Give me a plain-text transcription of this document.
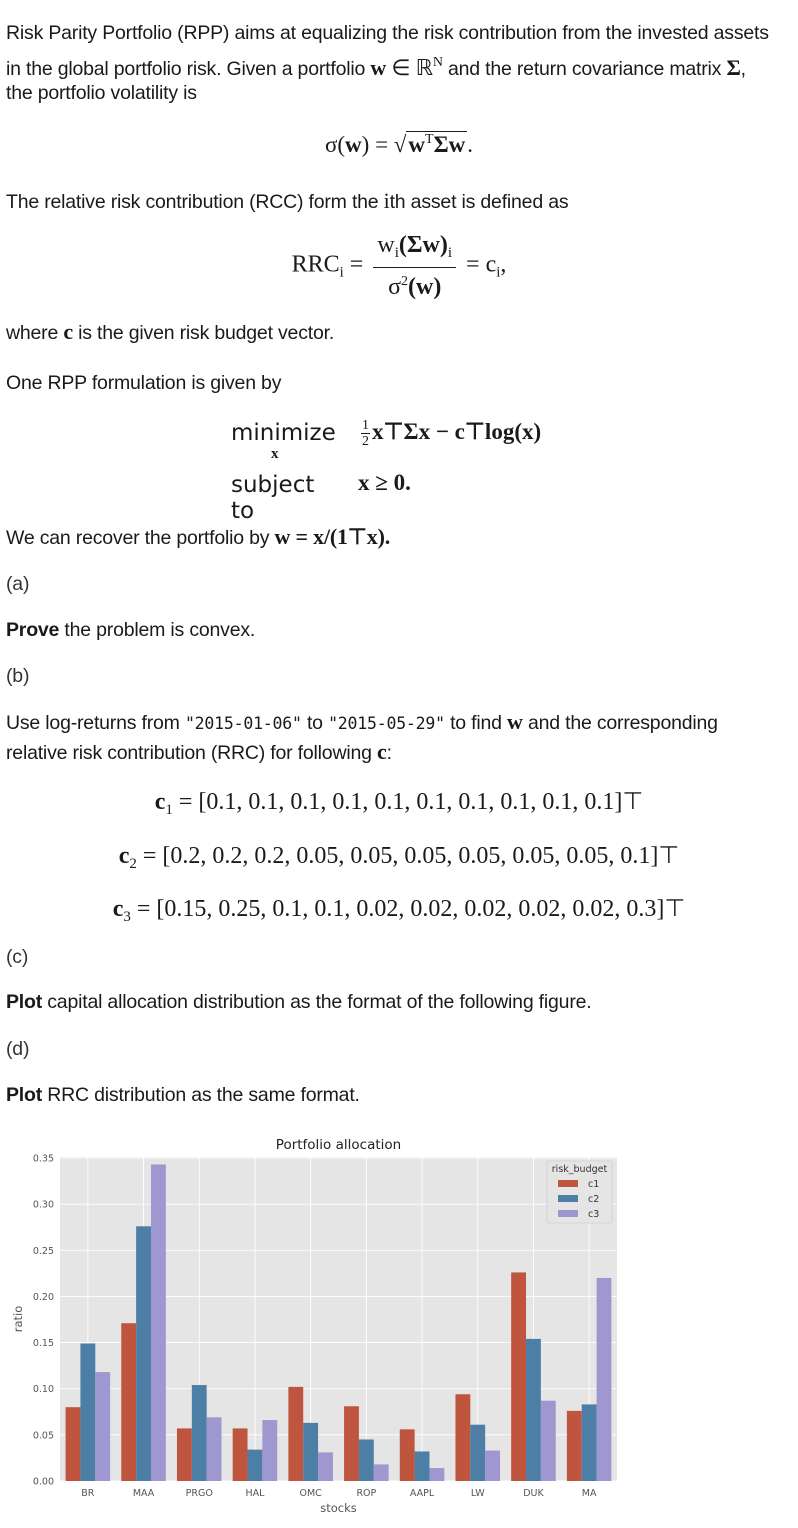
Risk Parity Portfolio (RPP) aims at equalizing the risk contribution from the invested assets
in the global portfolio risk. Given a portfolio w ∈ ℝ$^N$ and the return covariance matrix Σ,
the portfolio volatility is
$\sigma(w) = √w^T\Sigma w$.
The relative risk contribution (RCC) form the ith asset is defined as
$RRC_i = \frac{w_i(\Sigma w)_i}{\sigma^2(w)} = c_i$,
where c is the given risk budget vector.
One RPP formulation is given by
minimize
x
$\frac{1}{2}$ x⊤Σx − c⊤log(x)
subject to
x ≥ 0.
We can recover the portfolio by w = x/(1⊤x).
(a)
Prove the problem is convex.
(b)
Use log-returns from "2015-01-06" to "2015-05-29" to find w and the corresponding
relative risk contribution (RRC) for following c:
$c_1 = [0.1$, 0.1, 0.1, 0.1, 0.1, 0.1, 0.1, 0.1, 0.1, 0.1]⊤
$c_2 = [0.2$, 0.2, 0.2, 0.05, 0.05, 0.05, 0.05, 0.05, 0.05, 0.1]⊤
$c_3 = [0.15$, 0.25, 0.1, 0.1, 0.02, 0.02, 0.02, 0.02, 0.02, 0.3]⊤
(c)
Plot capital allocation distribution as the format of the following figure.
(d)
Plot RRC distribution as the same format.
0.00
0.05
0.10
0.15
0.20
0.25
0.30
0.35
BR	MAA	PRGO	HAL	OMC	ROP	AAPL	LW	DUK	MA
Portfolio allocation
stocks
ratio
risk_budget
c1
c2
c3
